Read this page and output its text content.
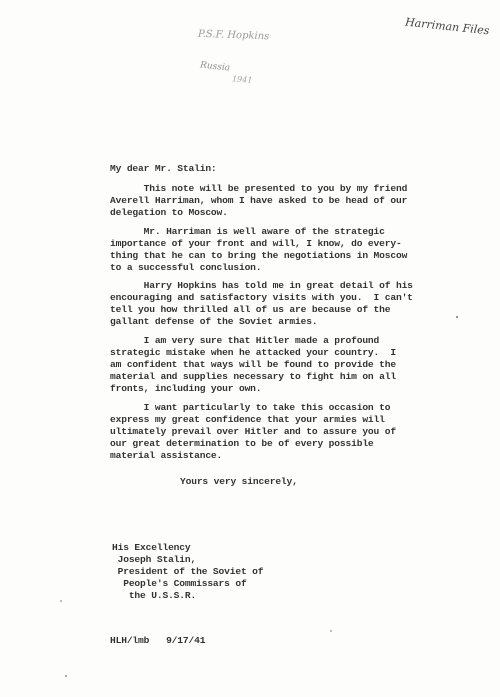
P.S.F. Hopkins
Russia
1941
Harriman Files
My dear Mr. Stalin:
This note will be presented to you by my friend
Averell Harriman, whom I have asked to be head of our
delegation to Moscow.
Mr. Harriman is well aware of the strategic
importance of your front and will, I know, do every-
thing that he can to bring the negotiations in Moscow
to a successful conclusion.
Harry Hopkins has told me in great detail of his
encouraging and satisfactory visits with you.  I can't
tell you how thrilled all of us are because of the
gallant defense of the Soviet armies.
I am very sure that Hitler made a profound
strategic mistake when he attacked your country.  I
am confident that ways will be found to provide the
material and supplies necessary to fight him on all
fronts, including your own.
I want particularly to take this occasion to
express my great confidence that your armies will
ultimately prevail over Hitler and to assure you of
our great determination to be of every possible
material assistance.
Yours very sincerely,
His Excellency
Joseph Stalin,
President of the Soviet of
People's Commissars of
the U.S.S.R.
HLH/lmb   9/17/41
